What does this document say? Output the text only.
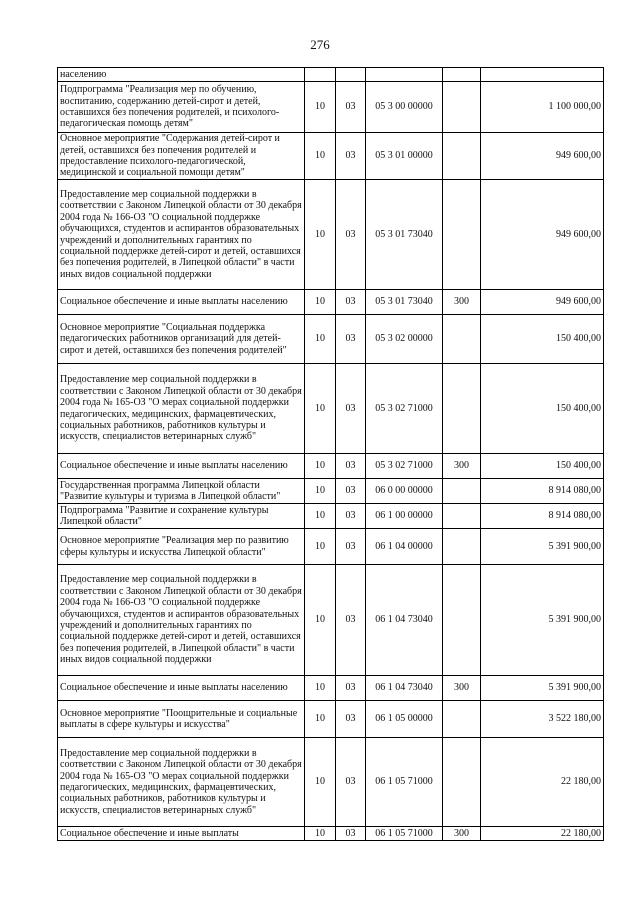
276
населению					
Подпрограмма "Реализация мер по обучению, воспитанию, содержанию детей-сирот и детей, оставшихся без попечения родителей, и психолого-педагогическая помощь детям"	10	03	05 3 00 00000		1 100 000,00
Основное мероприятие "Содержания детей-сирот и детей, оставшихся без попечения родителей и предоставление психолого-педагогической, медицинской и социальной помощи детям"	10	03	05 3 01 00000		949 600,00
Предоставление мер социальной поддержки в соответствии с Законом Липецкой области от 30 декабря 2004 года № 166-ОЗ "О социальной поддержке обучающихся, студентов и аспирантов образовательных учреждений и дополнительных гарантиях по социальной поддержке детей-сирот и детей, оставшихся без попечения родителей, в Липецкой области" в части иных видов социальной поддержки	10	03	05 3 01 73040		949 600,00
Социальное обеспечение и иные выплаты населению	10	03	05 3 01 73040	300	949 600,00
Основное мероприятие "Социальная поддержка педагогических работников организаций для детей-сирот и детей, оставшихся без попечения родителей"	10	03	05 3 02 00000		150 400,00
Предоставление мер социальной поддержки в соответствии с Законом Липецкой области от 30 декабря 2004 года № 165-ОЗ "О мерах социальной поддержки педагогических, медицинских, фармацевтических, социальных работников, работников культуры и искусств, специалистов ветеринарных служб"	10	03	05 3 02 71000		150 400,00
Социальное обеспечение и иные выплаты населению	10	03	05 3 02 71000	300	150 400,00
Государственная программа Липецкой области "Развитие культуры и туризма в Липецкой области"	10	03	06 0 00 00000		8 914 080,00
Подпрограмма "Развитие и сохранение культуры Липецкой области"	10	03	06 1 00 00000		8 914 080,00
Основное мероприятие "Реализация мер по развитию сферы культуры и искусства Липецкой области"	10	03	06 1 04 00000		5 391 900,00
Предоставление мер социальной поддержки в соответствии с Законом Липецкой области от 30 декабря 2004 года № 166-ОЗ "О социальной поддержке обучающихся, студентов и аспирантов образовательных учреждений и дополнительных гарантиях по социальной поддержке детей-сирот и детей, оставшихся без попечения родителей, в Липецкой области" в части иных видов социальной поддержки	10	03	06 1 04 73040		5 391 900,00
Социальное обеспечение и иные выплаты населению	10	03	06 1 04 73040	300	5 391 900,00
Основное мероприятие "Поощрительные и социальные выплаты в сфере культуры и искусства"	10	03	06 1 05 00000		3 522 180,00
Предоставление мер социальной поддержки в соответствии с Законом Липецкой области от 30 декабря 2004 года № 165-ОЗ "О мерах социальной поддержки педагогических, медицинских, фармацевтических, социальных работников, работников культуры и искусств, специалистов ветеринарных служб"	10	03	06 1 05 71000		22 180,00
Социальное обеспечение и иные выплаты	10	03	06 1 05 71000	300	22 180,00
